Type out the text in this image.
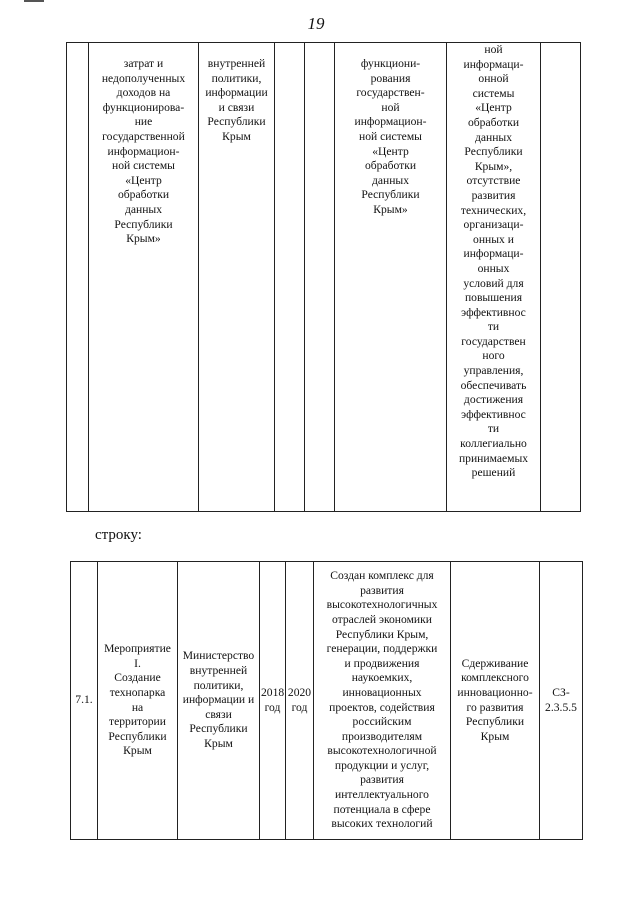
19
	затрат и
недополученных
доходов на
функционирова-
ние
государственной
информацион-
ной системы
«Центр
обработки
данных
Республики
Крым»	внутренней
политики,
информации
и связи
Республики
Крым			функциони-
рования
государствен-
ной
информацион-
ной системы
«Центр
обработки
данных
Республики
Крым»	ной
информаци-
онной
системы
«Центр
обработки
данных
Республики
Крым»,
отсутствие
развития
технических,
организаци-
онных и
информаци-
онных
условий для
повышения
эффективнос
ти
государствен
ного
управления,
обеспечивать
достижения
эффективнос
ти
коллегиально
принимаемых
решений	
строку:
7.1.	Мероприятие
I.
Создание
технопарка
на
территории
Республики
Крым	Министерство
внутренней
политики,
информации и
связи
Республики
Крым	2018
год	2020
год	Создан комплекс для
развития
высокотехнологичных
отраслей экономики
Республики Крым,
генерации, поддержки
и продвижения
наукоемких,
инновационных
проектов, содействия
российским
производителям
высокотехнологичной
продукции и услуг,
развития
интеллектуального
потенциала в сфере
высоких технологий	Сдерживание
комплексного
инновационно-
го развития
Республики
Крым	СЗ-
2.3.5.5
